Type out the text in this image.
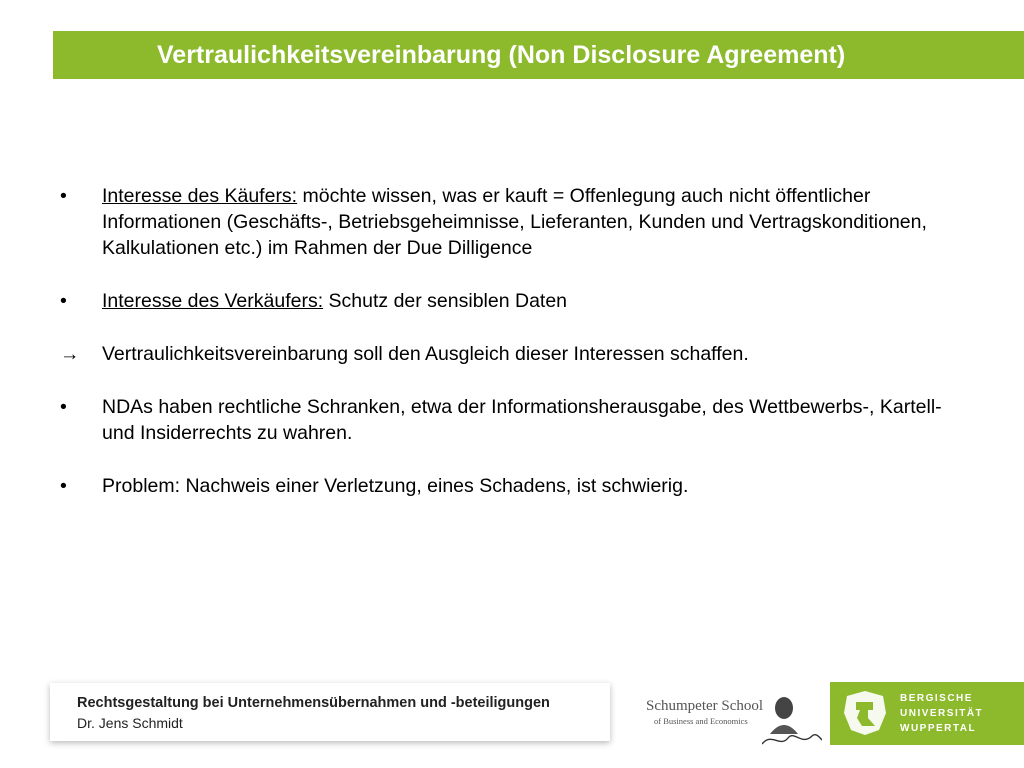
Vertraulichkeitsvereinbarung (Non Disclosure Agreement)
•	Interesse des Käufers: möchte wissen, was er kauft = Offenlegung auch nicht öffentlicher Informationen (Geschäfts-, Betriebsgeheimnisse, Lieferanten, Kunden und Vertragskonditionen, Kalkulationen etc.) im Rahmen der Due Dilligence
•	Interesse des Verkäufers: Schutz der sensiblen Daten
→	Vertraulichkeitsvereinbarung soll den Ausgleich dieser Interessen schaffen.
•	NDAs haben rechtliche Schranken, etwa der Informationsherausgabe, des Wettbewerbs-, Kartell- und Insiderrechts zu wahren.
•	Problem: Nachweis einer Verletzung, eines Schadens, ist schwierig.
Rechtsgestaltung bei Unternehmensübernahmen und -beteiligungen
Dr. Jens Schmidt
Schumpeter School
of Business and Economics
BERGISCHE
UNIVERSITÄT
WUPPERTAL
